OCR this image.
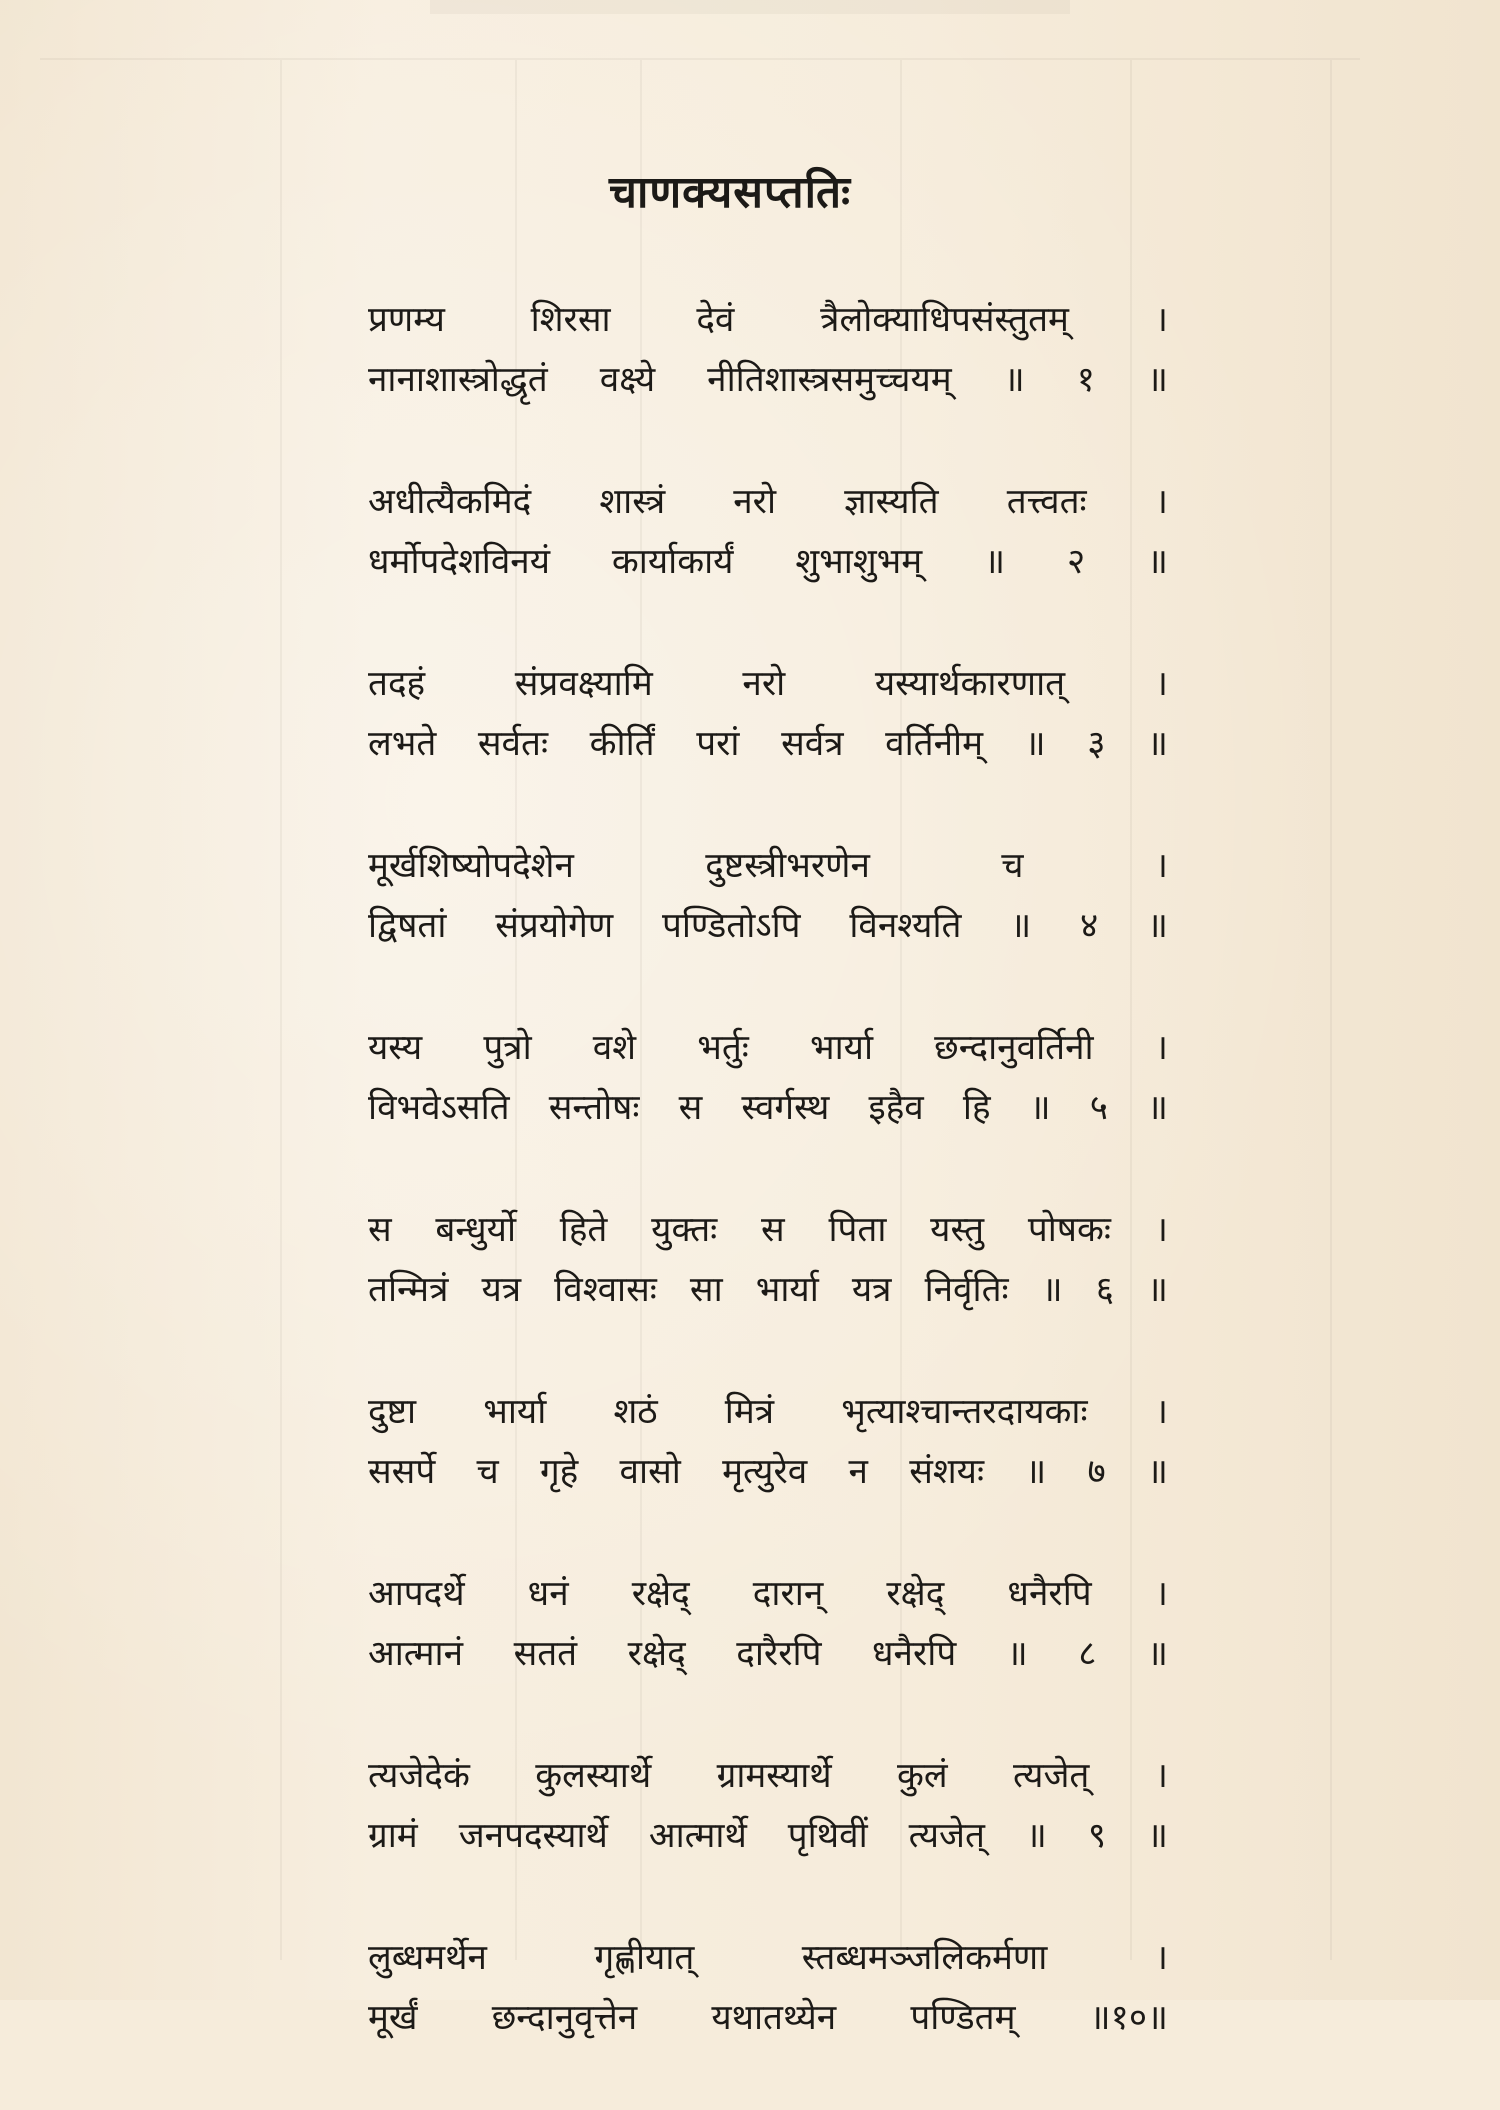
चाणक्यसप्ततिः
प्रणम्य शिरसा देवं त्रैलोक्याधिपसंस्तुतम् ।
नानाशास्त्रोद्धृतं वक्ष्ये नीतिशास्त्रसमुच्चयम् ॥ १ ॥
अधीत्यैकमिदं शास्त्रं नरो ज्ञास्यति तत्त्वतः ।
धर्मोपदेशविनयं कार्याकार्यं शुभाशुभम् ॥ २ ॥
तदहं संप्रवक्ष्यामि नरो यस्यार्थकारणात् ।
लभते सर्वतः कीर्तिं परां सर्वत्र वर्तिनीम् ॥ ३ ॥
मूर्खशिष्योपदेशेन दुष्टस्त्रीभरणेन च ।
द्विषतां संप्रयोगेण पण्डितोऽपि विनश्यति ॥ ४ ॥
यस्य पुत्रो वशे भर्तुः भार्या छन्दानुवर्तिनी ।
विभवेऽसति सन्तोषः स स्वर्गस्थ इहैव हि ॥ ५ ॥
स बन्धुर्यो हिते युक्तः स पिता यस्तु पोषकः ।
तन्मित्रं यत्र विश्वासः सा भार्या यत्र निर्वृतिः ॥ ६ ॥
दुष्टा भार्या शठं मित्रं भृत्याश्चान्तरदायकाः ।
ससर्पे च गृहे वासो मृत्युरेव न संशयः ॥ ७ ॥
आपदर्थे धनं रक्षेद् दारान् रक्षेद् धनैरपि ।
आत्मानं सततं रक्षेद् दारैरपि धनैरपि ॥ ८ ॥
त्यजेदेकं कुलस्यार्थे ग्रामस्यार्थे कुलं त्यजेत् ।
ग्रामं जनपदस्यार्थे आत्मार्थे पृथिवीं त्यजेत् ॥ ९ ॥
लुब्धमर्थेन गृह्णीयात् स्तब्धमञ्जलिकर्मणा ।
मूर्खं छन्दानुवृत्तेन यथातथ्येन पण्डितम् ॥१०॥
